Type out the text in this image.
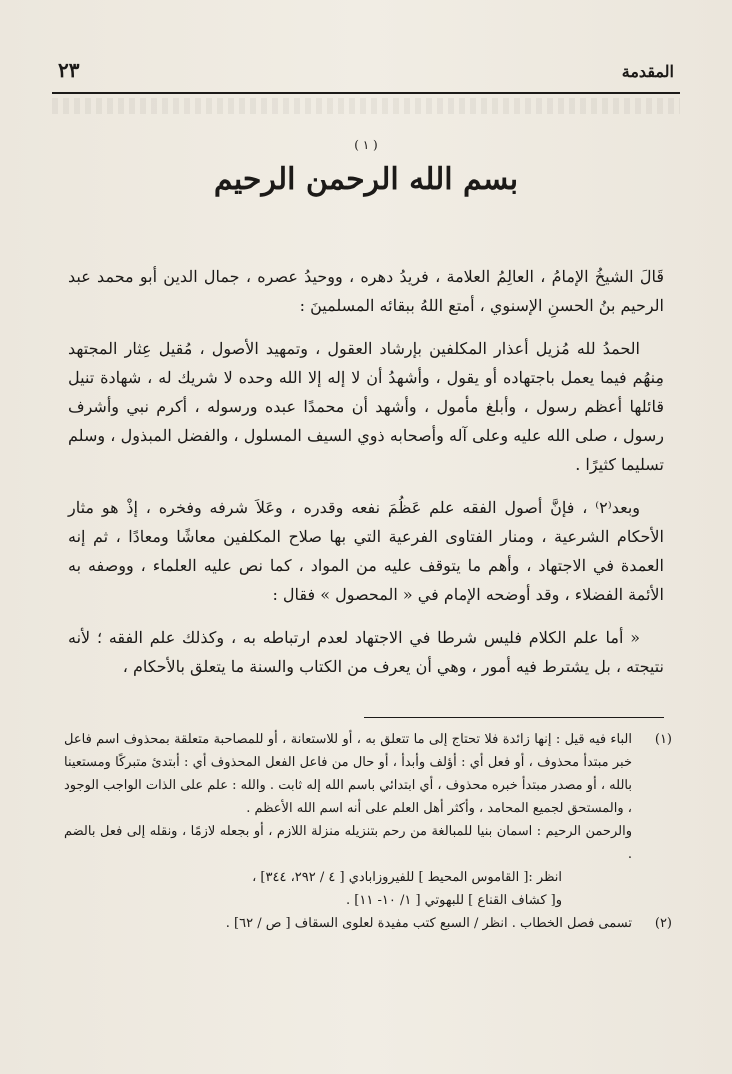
المقدمة
٢٣
( ١ )
بسم الله الرحمن الرحيم

قَالَ الشيخُ الإمامُ ، العالِمُ العلامة ، فريدُ دهره ، ووحيدُ عصره ، جمال الدين أبو محمد عبد الرحيم بنُ الحسنِ الإسنوي ، أمتع اللهُ ببقائه المسلمينَ :

الحمدُ لله مُزيل أعذار المكلفين بإرشاد العقول ، وتمهيد الأصول ، مُقيل عِثار المجتهد مِنهُم فيما يعمل باجتهاده أو يقول ، وأشهدُ أن لا إله إلا الله وحده لا شريك له ، شهادة تنيل قائلها أعظم رسول ، وأبلغ مأمول ، وأشهد أن محمدًا عبده ورسوله ، أكرم نبي وأشرف رسول ، صلى الله عليه وعلى آله وأصحابه ذوي السيف المسلول ، والفضل المبذول ، وسلم تسليما كثيرًا .

وبعد⁽٢⁾ ، فإنَّ أصول الفقه علم عَظُمَ نفعه وقدره ، وعَلاَ شرفه وفخره ، إذْ هو مثار الأحكام الشرعية ، ومنار الفتاوى الفرعية التي بها صلاح المكلفين معاشًا ومعادًا ، ثم إنه العمدة في الاجتهاد ، وأهم ما يتوقف عليه من المواد ، كما نص عليه العلماء ، ووصفه به الأئمة الفضلاء ، وقد أوضحه الإمام في « المحصول » فقال :

« أما علم الكلام فليس شرطا في الاجتهاد لعدم ارتباطه به ، وكذلك علم الفقه ؛ لأنه نتيجته ، بل يشترط فيه أمور ، وهي أن يعرف من الكتاب والسنة ما يتعلق بالأحكام ،

(١)
الباء فيه قيل : إنها زائدة فلا تحتاج إلى ما تتعلق به ، أو للاستعانة ، أو للمصاحبة متعلقة بمحذوف اسم فاعل خبر مبتدأ محذوف ، أو فعل أي : أؤلف وأبدأ ، أو حال من فاعل الفعل المحذوف أي : أبتدئ متبركًا ومستعينا بالله ، أو مصدر مبتدأ خبره محذوف ، أي ابتدائي باسم الله إله ثابت . والله : علم على الذات الواجب الوجود ، والمستحق لجميع المحامد ، وأكثر أهل العلم على أنه اسم الله الأعظم .

والرحمن الرحيم : اسمان بنيا للمبالغة من رحم بتنزيله منزلة اللازم ، أو بجعله لازمًا ، ونقله إلى فعل بالضم .

انظر :[ القاموس المحيط ] للفيروزابادي [ ٤ / ٢٩٢، ٣٤٤] ،

و[ كشاف القناع ] للبهوتي [ ١/ ١٠- ١١] .

(٢)
تسمى فصل الخطاب . انظر / السبع كتب مفيدة لعلوى السقاف [ ص / ٦٢] .
